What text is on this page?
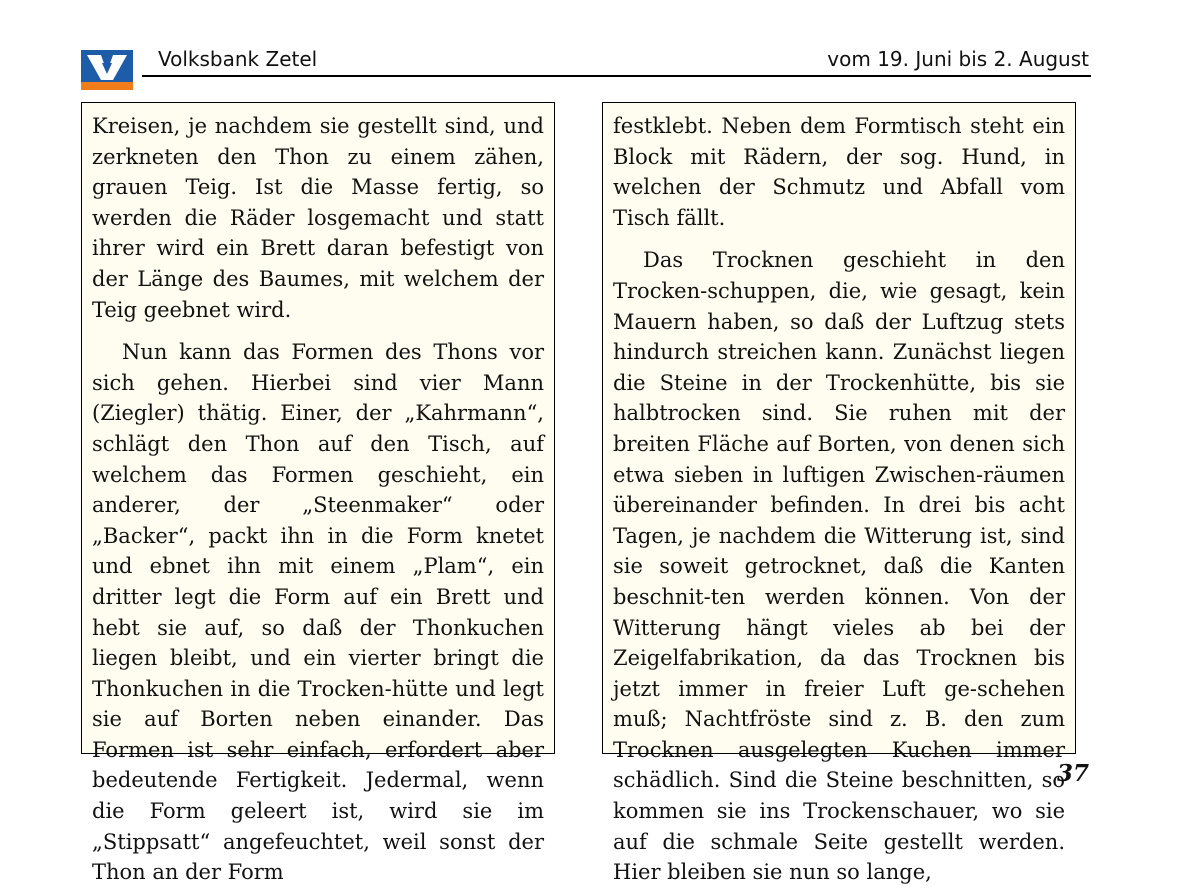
Volksbank Zetel	vom 19. Juni bis 2. August

Kreisen, je nachdem sie gestellt sind, und zerkneten den Thon zu einem zähen, grauen Teig. Ist die Masse fertig, so werden die Räder losgemacht und statt ihrer wird ein Brett daran befestigt von der Länge des Baumes, mit welchem der Teig geebnet wird.

Nun kann das Formen des Thons vor sich gehen. Hierbei sind vier Mann (Ziegler) thätig. Einer, der „Kahrmann“, schlägt den Thon auf den Tisch, auf welchem das Formen geschieht, ein anderer, der „Steenmaker“ oder „Backer“, packt ihn in die Form knetet und ebnet ihn mit einem „Plam“, ein dritter legt die Form auf ein Brett und hebt sie auf, so daß der Thonkuchen liegen bleibt, und ein vierter bringt die Thonkuchen in die Trocken-hütte und legt sie auf Borten neben einander. Das Formen ist sehr einfach, erfordert aber bedeutende Fertigkeit. Jedermal, wenn die Form geleert ist, wird sie im „Stippsatt“ angefeuchtet, weil sonst der Thon an der Form

festklebt. Neben dem Formtisch steht ein Block mit Rädern, der sog. Hund, in welchen der Schmutz und Abfall vom Tisch fällt.

Das Trocknen geschieht in den Trocken-schuppen, die, wie gesagt, kein Mauern haben, so daß der Luftzug stets hindurch streichen kann. Zunächst liegen die Steine in der Trockenhütte, bis sie halbtrocken sind. Sie ruhen mit der breiten Fläche auf Borten, von denen sich etwa sieben in luftigen Zwischen-räumen übereinander befinden. In drei bis acht Tagen, je nachdem die Witterung ist, sind sie soweit getrocknet, daß die Kanten beschnit-ten werden können. Von der Witterung hängt vieles ab bei der Zeigelfabrikation, da das Trocknen bis jetzt immer in freier Luft ge-schehen muß; Nachtfröste sind z. B. den zum Trocknen ausgelegten Kuchen immer schädlich. Sind die Steine beschnitten, so kommen sie ins Trockenschauer, wo sie auf die schmale Seite gestellt werden. Hier bleiben sie nun so lange,

37
